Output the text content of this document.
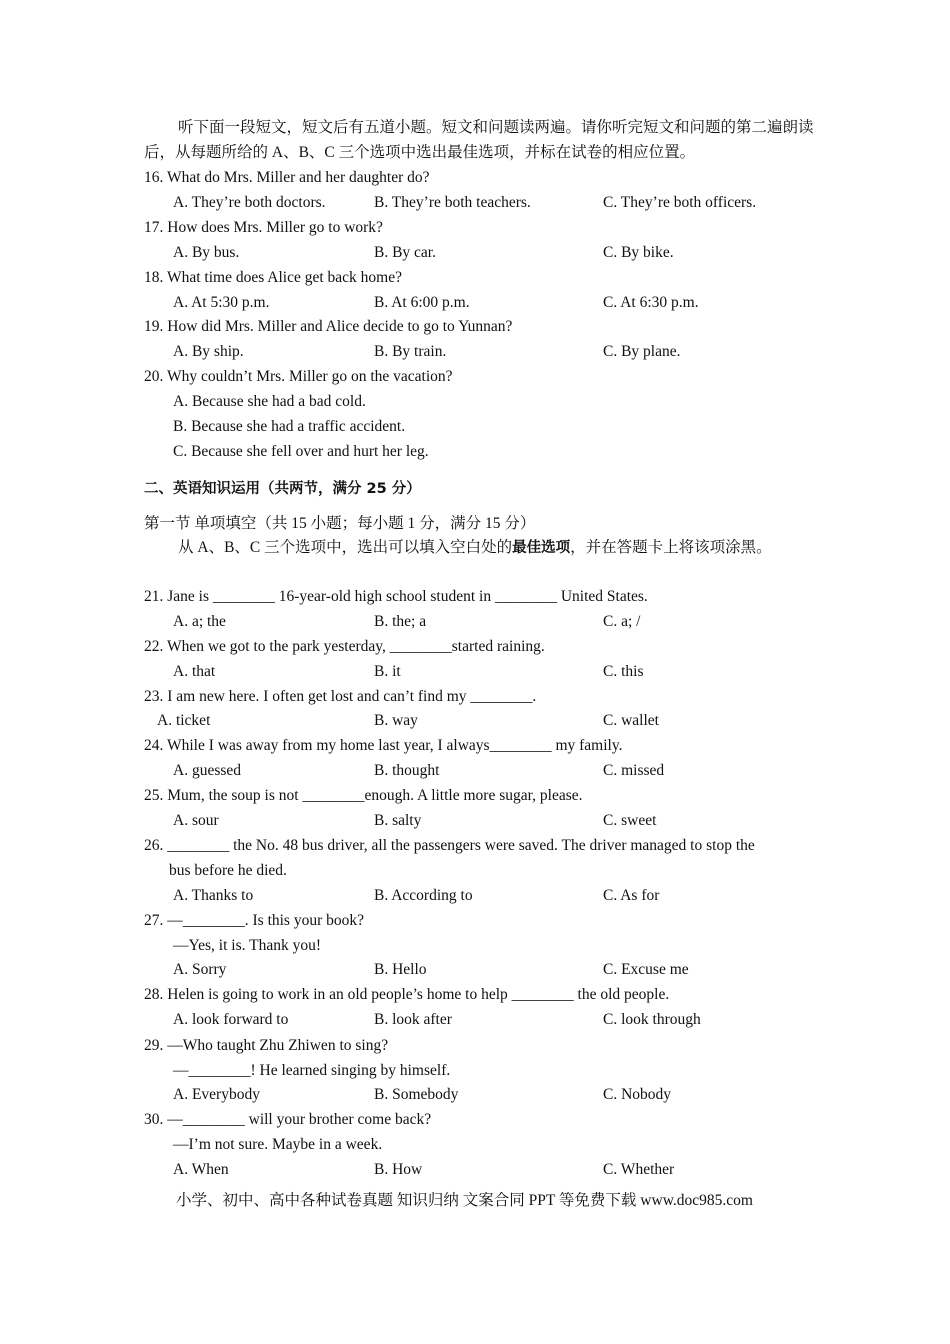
听下面一段短文，短文后有五道小题。短文和问题读两遍。请你听完短文和问题的第二遍朗读后，从每题所给的 A、B、C 三个选项中选出最佳选项，并标在试卷的相应位置。
16. What do Mrs. Miller and her daughter do?
A. They’re both doctors.	B. They’re both teachers.	C. They’re both officers.
17. How does Mrs. Miller go to work?
A. By bus.	B. By car.	C. By bike.
18. What time does Alice get back home?
A. At 5:30 p.m.	B. At 6:00 p.m.	C. At 6:30 p.m.
19. How did Mrs. Miller and Alice decide to go to Yunnan?
A. By ship.	B. By train.	C. By plane.
20. Why couldn’t Mrs. Miller go on the vacation?
A. Because she had a bad cold.
B. Because she had a traffic accident.
C. Because she fell over and hurt her leg.
二、英语知识运用（共两节，满分 25 分）
第一节 单项填空（共 15 小题；每小题 1 分，满分 15 分）
从 A、B、C 三个选项中，选出可以填入空白处的最佳选项，并在答题卡上将该项涂黑。
21. Jane is ________ 16-year-old high school student in ________ United States.
A. a; the	B. the; a	C. a; /
22. When we got to the park yesterday, ________started raining.
A. that	B. it	C. this
23. I am new here. I often get lost and can’t find my ________.
A. ticket	B. way	C. wallet
24. While I was away from my home last year, I always________ my family.
A. guessed	B. thought	C. missed
25. Mum, the soup is not ________enough. A little more sugar, please.
A. sour	B. salty	C. sweet
26. ________ the No. 48 bus driver, all the passengers were saved. The driver managed to stop the
bus before he died.
A. Thanks to	B. According to	C. As for
27. —________. Is this your book?
—Yes, it is. Thank you!
A. Sorry	B. Hello	C. Excuse me
28. Helen is going to work in an old people’s home to help ________ the old people.
A. look forward to	B. look after	C. look through
29. —Who taught Zhu Zhiwen to sing?
—________! He learned singing by himself.
A. Everybody	B. Somebody	C. Nobody
30. —________ will your brother come back?
—I’m not sure. Maybe in a week.
A. When	B. How	C. Whether
小学、初中、高中各种试卷真题 知识归纳 文案合同 PPT 等免费下载 www.doc985.com
